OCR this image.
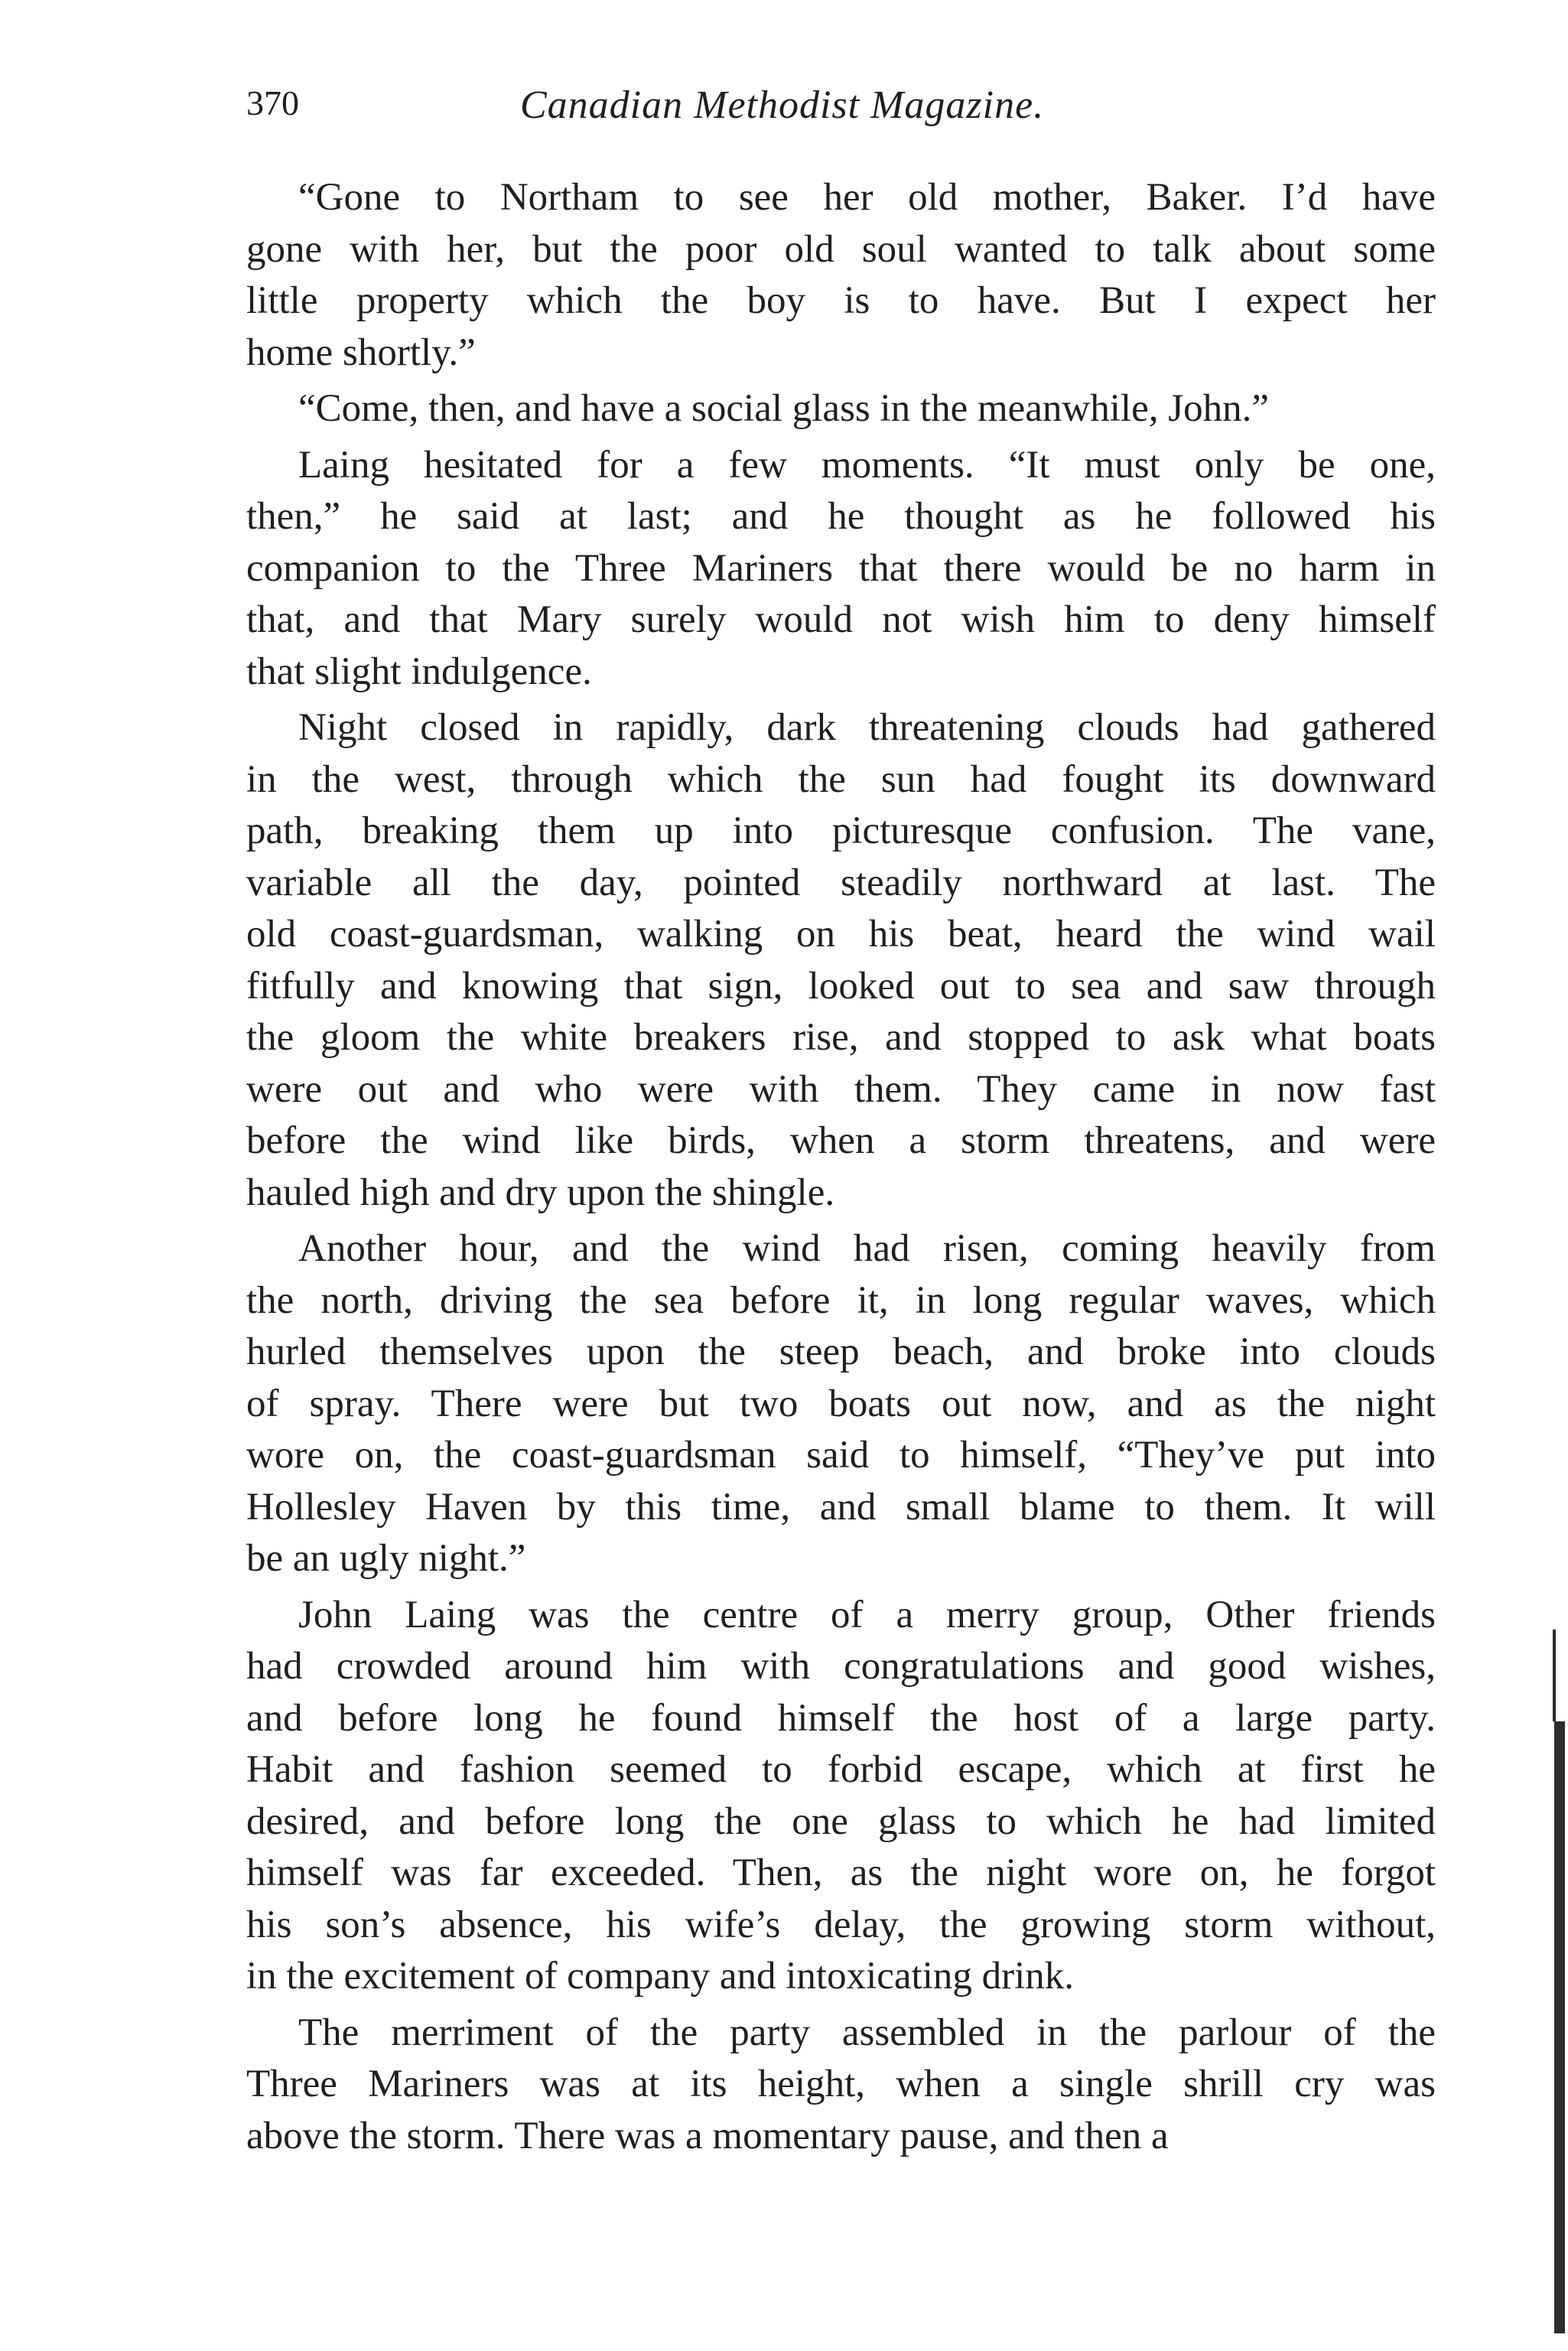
370	Canadian Methodist Magazine.
“Gone to Northam to see her old mother, Baker. I’d have
gone with her, but the poor old soul wanted to talk about some
little property which the boy is to have. But I expect her
home shortly.”
“Come, then, and have a social glass in the meanwhile, John.”
Laing hesitated for a few moments. “It must only be one,
then,” he said at last; and he thought as he followed his
companion to the Three Mariners that there would be no harm in
that, and that Mary surely would not wish him to deny himself
that slight indulgence.
Night closed in rapidly, dark threatening clouds had gathered
in the west, through which the sun had fought its downward
path, breaking them up into picturesque confusion. The vane,
variable all the day, pointed steadily northward at last. The
old coast-guardsman, walking on his beat, heard the wind wail
fitfully and knowing that sign, looked out to sea and saw through
the gloom the white breakers rise, and stopped to ask what boats
were out and who were with them. They came in now fast
before the wind like birds, when a storm threatens, and were
hauled high and dry upon the shingle.
Another hour, and the wind had risen, coming heavily from
the north, driving the sea before it, in long regular waves, which
hurled themselves upon the steep beach, and broke into clouds
of spray. There were but two boats out now, and as the night
wore on, the coast-guardsman said to himself, “They’ve put into
Hollesley Haven by this time, and small blame to them. It will
be an ugly night.”
John Laing was the centre of a merry group, Other friends
had crowded around him with congratulations and good wishes,
and before long he found himself the host of a large party.
Habit and fashion seemed to forbid escape, which at first he
desired, and before long the one glass to which he had limited
himself was far exceeded. Then, as the night wore on, he forgot
his son’s absence, his wife’s delay, the growing storm without,
in the excitement of company and intoxicating drink.
The merriment of the party assembled in the parlour of the
Three Mariners was at its height, when a single shrill cry was
above the storm. There was a momentary pause, and then a
